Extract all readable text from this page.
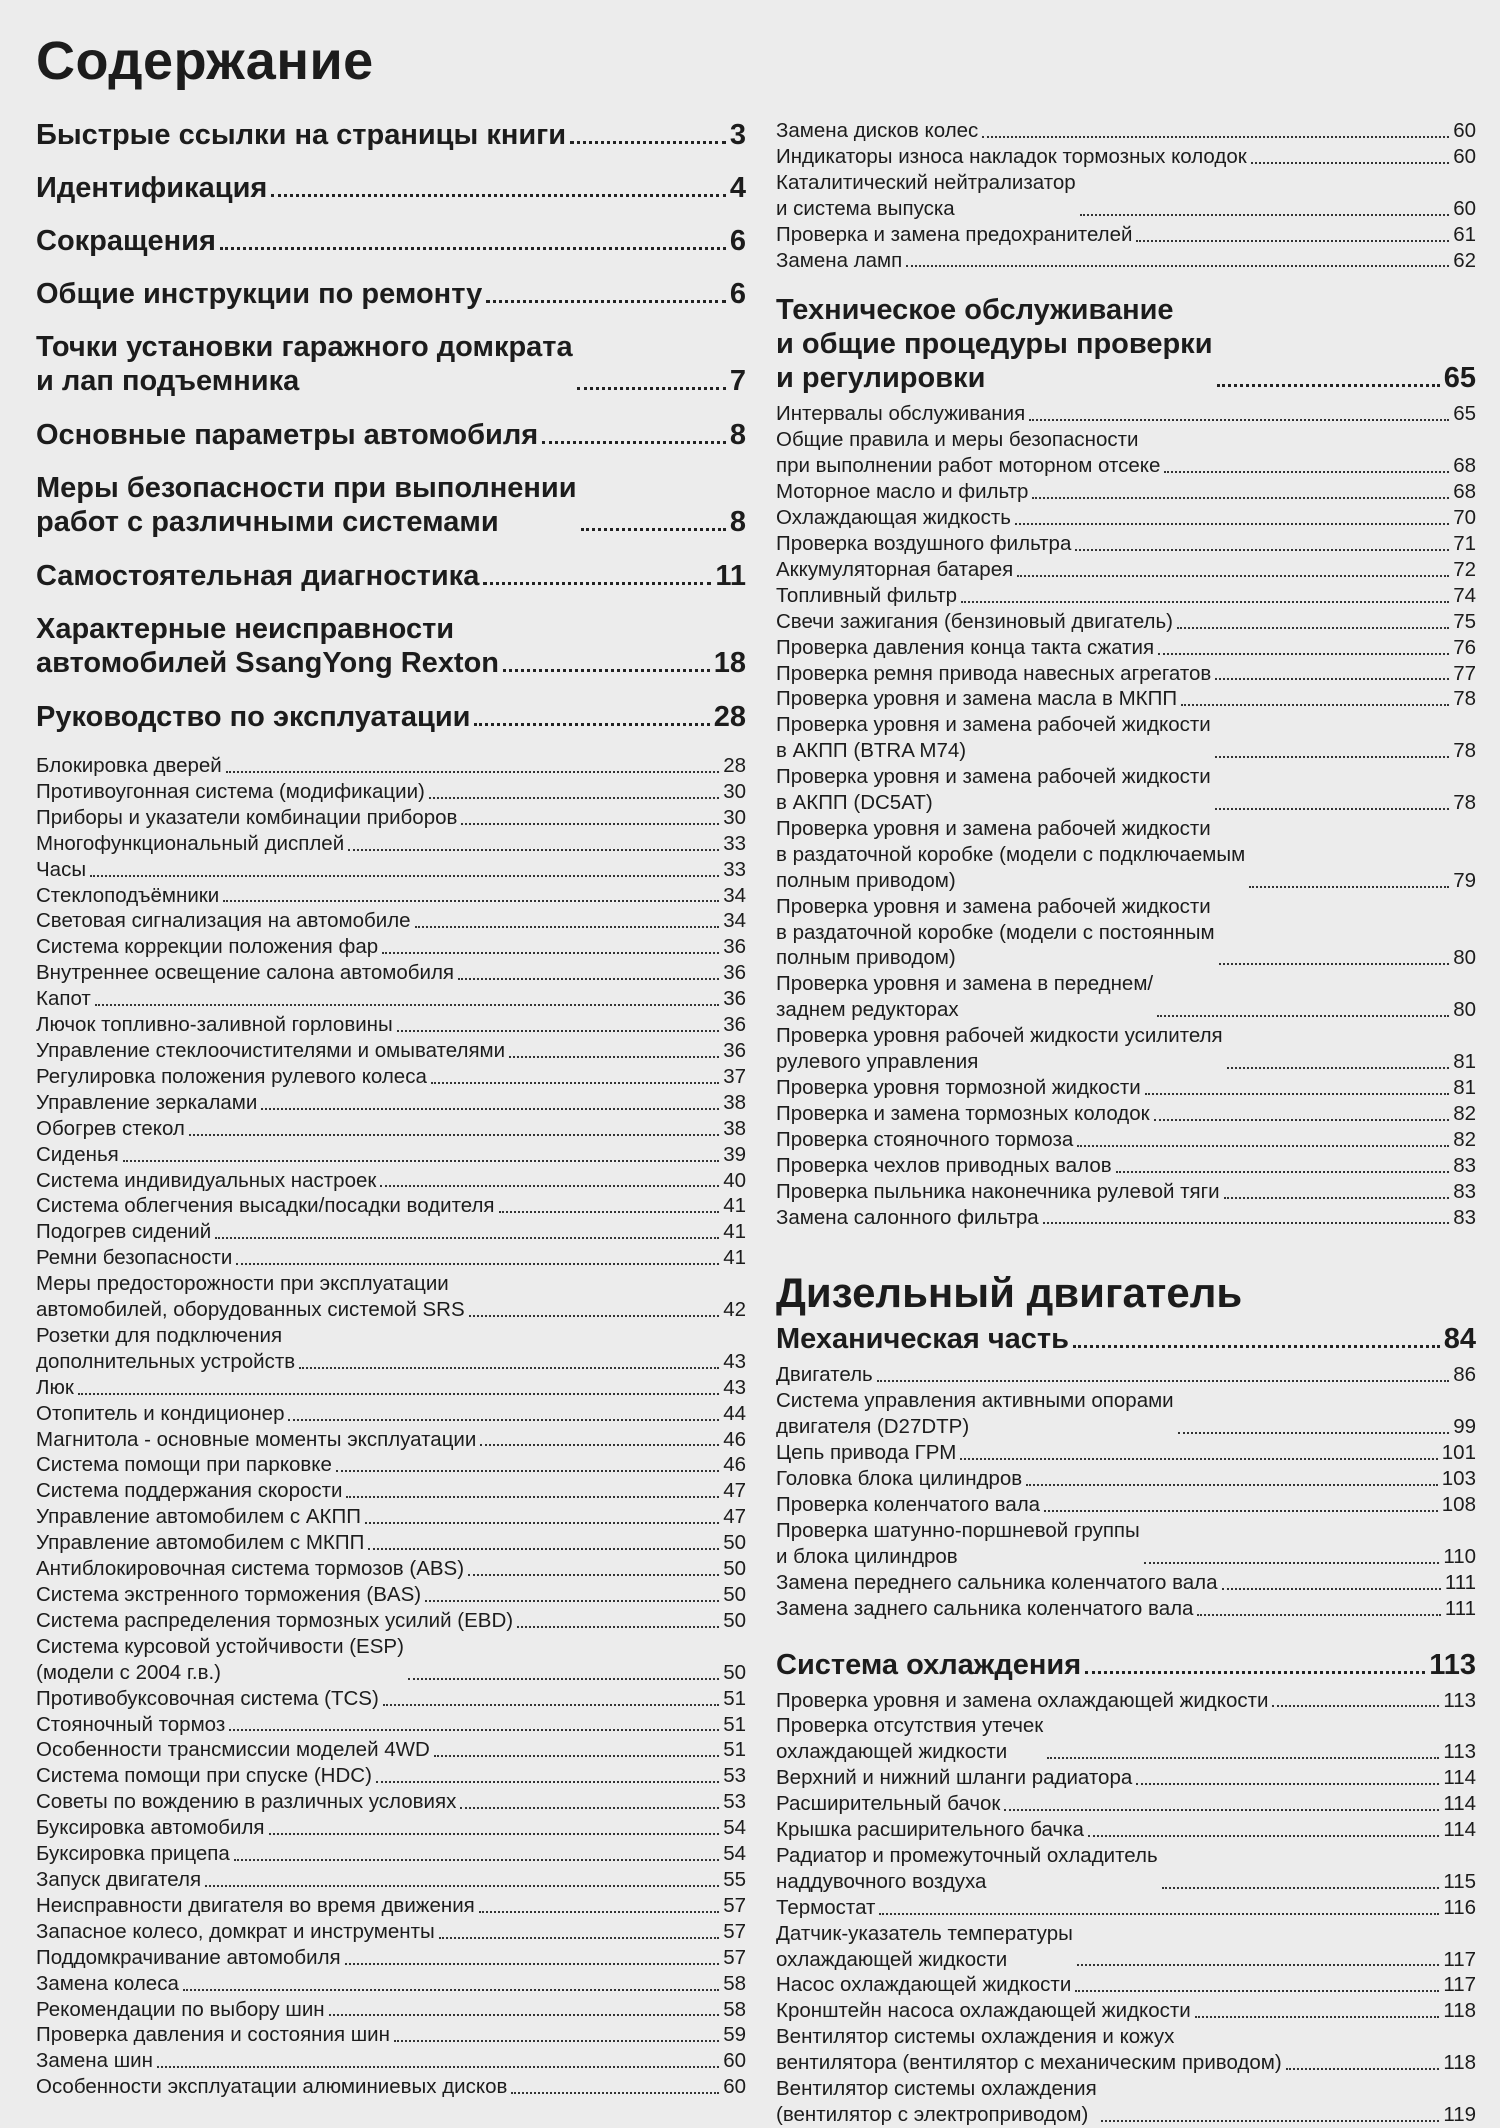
Содержание
Быстрые ссылки на страницы книги	3
Идентификация	4
Сокращения	6
Общие инструкции по ремонту	6
Точки установки гаражного домкрата
и лап подъемника	7
Основные параметры автомобиля	8
Меры безопасности при выполнении
работ с различными системами	8
Самостоятельная диагностика	11
Характерные неисправности
автомобилей SsangYong Rexton	18
Руководство по эксплуатации	28
Блокировка дверей	28
Противоугонная система (модификации)	30
Приборы и указатели комбинации приборов	30
Многофункциональный дисплей	33
Часы	33
Стеклоподъёмники	34
Световая сигнализация на автомобиле	34
Система коррекции положения фар	36
Внутреннее освещение салона автомобиля	36
Капот	36
Лючок топливно-заливной горловины	36
Управление стеклоочистителями и омывателями	36
Регулировка положения рулевого колеса	37
Управление зеркалами	38
Обогрев стекол	38
Сиденья	39
Система индивидуальных настроек	40
Система облегчения высадки/посадки водителя	41
Подогрев сидений	41
Ремни безопасности	41
Меры предосторожности при эксплуатации
автомобилей, оборудованных системой SRS	42
Розетки для подключения
дополнительных устройств	43
Люк	43
Отопитель и кондиционер	44
Магнитола - основные моменты эксплуатации	46
Система помощи при парковке	46
Система поддержания скорости	47
Управление автомобилем с АКПП	47
Управление автомобилем с МКПП	50
Антиблокировочная система тормозов (ABS)	50
Система экстренного торможения (BAS)	50
Система распределения тормозных усилий (EBD)	50
Система курсовой устойчивости (ESP)
(модели с 2004 г.в.)	50
Противобуксовочная система (TCS)	51
Стояночный тормоз	51
Особенности трансмиссии моделей 4WD	51
Система помощи при спуске (HDC)	53
Советы по вождению в различных условиях	53
Буксировка автомобиля	54
Буксировка прицепа	54
Запуск двигателя	55
Неисправности двигателя во время движения	57
Запасное колесо, домкрат и инструменты	57
Поддомкрачивание автомобиля	57
Замена колеса	58
Рекомендации по выбору шин	58
Проверка давления и состояния шин	59
Замена шин	60
Особенности эксплуатации алюминиевых дисков	60
Замена дисков колес	60
Индикаторы износа накладок тормозных колодок	60
Каталитический нейтрализатор
и система выпуска	60
Проверка и замена предохранителей	61
Замена ламп	62
Техническое обслуживание
и общие процедуры проверки
и регулировки	65
Интервалы обслуживания	65
Общие правила и меры безопасности
при выполнении работ моторном отсеке	68
Моторное масло и фильтр	68
Охлаждающая жидкость	70
Проверка воздушного фильтра	71
Аккумуляторная батарея	72
Топливный фильтр	74
Свечи зажигания (бензиновый двигатель)	75
Проверка давления конца такта сжатия	76
Проверка ремня привода навесных агрегатов	77
Проверка уровня и замена масла в МКПП	78
Проверка уровня и замена рабочей жидкости
в АКПП (BTRA M74)	78
Проверка уровня и замена рабочей жидкости
в АКПП (DC5AT)	78
Проверка уровня и замена рабочей жидкости
в раздаточной коробке (модели с подключаемым
полным приводом)	79
Проверка уровня и замена рабочей жидкости
в раздаточной коробке (модели с постоянным
полным приводом)	80
Проверка уровня и замена в переднем/
заднем редукторах	80
Проверка уровня рабочей жидкости усилителя
рулевого управления	81
Проверка уровня тормозной жидкости	81
Проверка и замена тормозных колодок	82
Проверка стояночного тормоза	82
Проверка чехлов приводных валов	83
Проверка пыльника наконечника рулевой тяги	83
Замена салонного фильтра	83
Дизельный двигатель
Механическая часть	84
Двигатель	86
Система управления активными опорами
двигателя (D27DTP)	99
Цепь привода ГРМ	101
Головка блока цилиндров	103
Проверка коленчатого вала	108
Проверка шатунно-поршневой группы
и блока цилиндров	110
Замена переднего сальника коленчатого вала	111
Замена заднего сальника коленчатого вала	111
Система охлаждения	113
Проверка уровня и замена охлаждающей жидкости	113
Проверка отсутствия утечек
охлаждающей жидкости	113
Верхний и нижний шланги радиатора	114
Расширительный бачок	114
Крышка расширительного бачка	114
Радиатор и промежуточный охладитель
наддувочного воздуха	115
Термостат	116
Датчик-указатель температуры
охлаждающей жидкости	117
Насос охлаждающей жидкости	117
Кронштейн насоса охлаждающей жидкости	118
Вентилятор системы охлаждения и кожух
вентилятора (вентилятор с механическим приводом)	118
Вентилятор системы охлаждения
(вентилятор с электроприводом)	119
